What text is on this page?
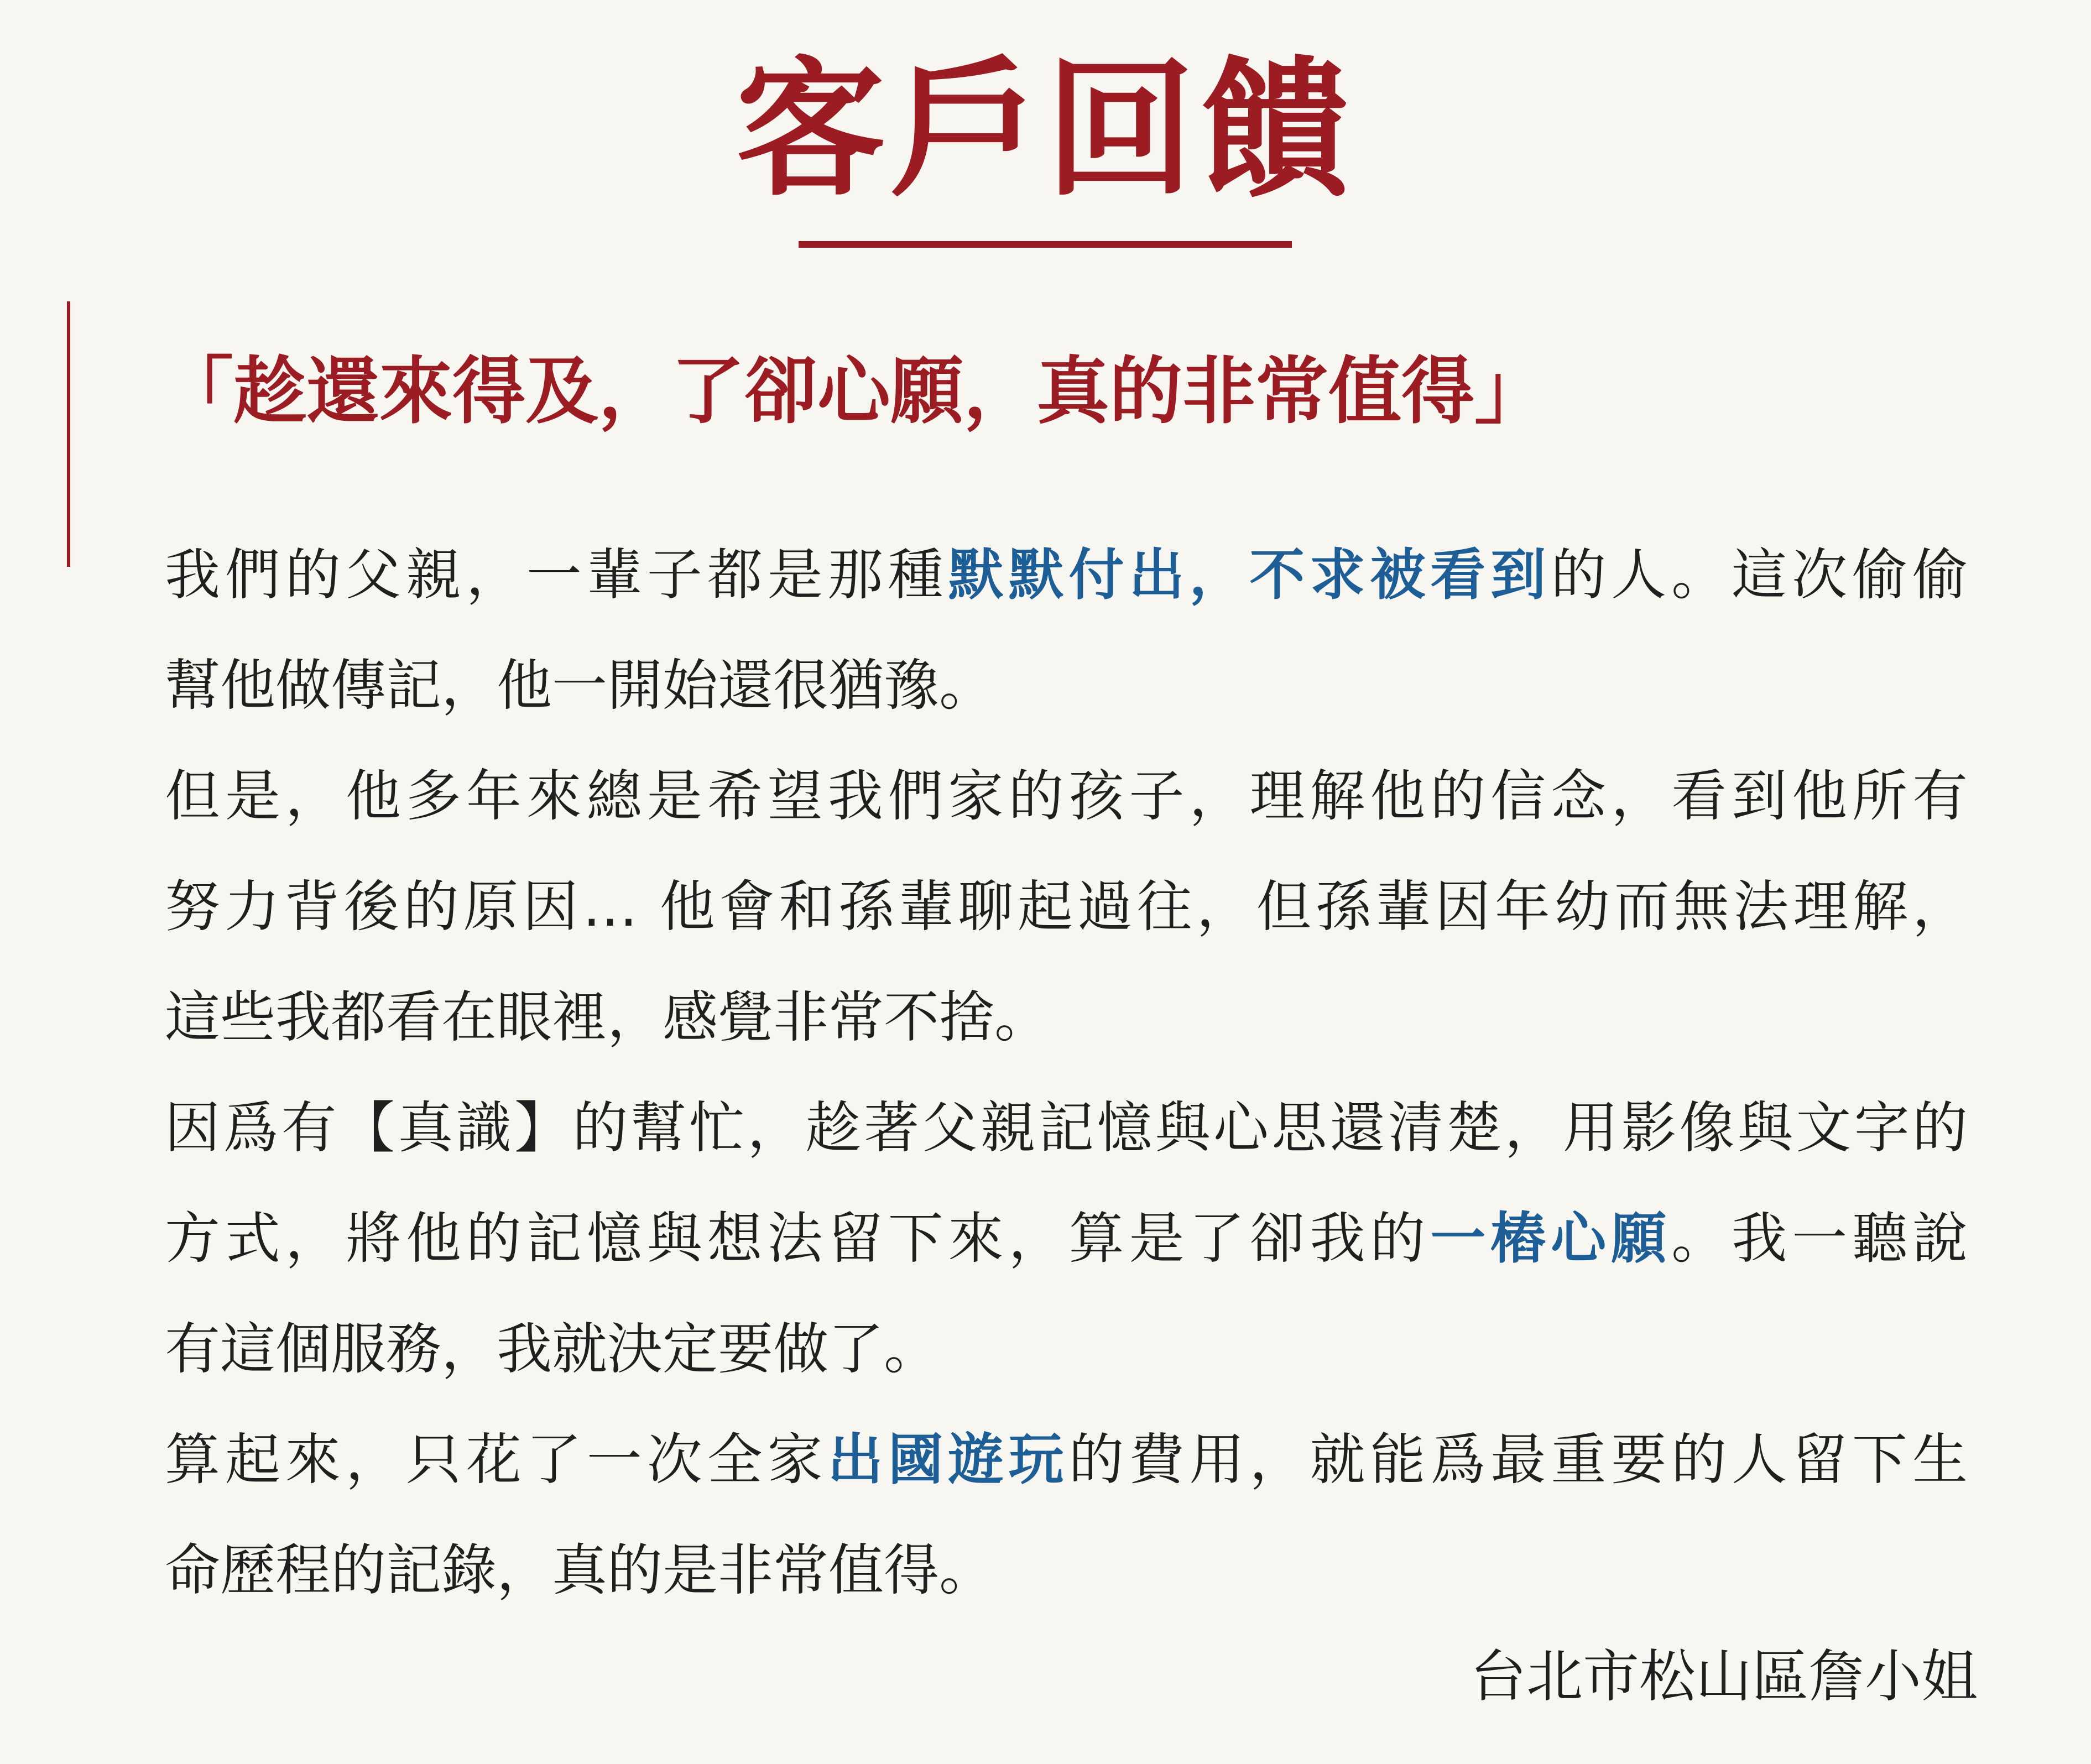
客戶回饋
「趁還來得及，了卻心願，真的非常值得」
我們的父親，一輩子都是那種默默付出，不求被看到的人。這次偷偷
幫他做傳記，他一開始還很猶豫。
但是，他多年來總是希望我們家的孩子，理解他的信念，看到他所有
努力背後的原因… 他會和孫輩聊起過往，但孫輩因年幼而無法理解，
這些我都看在眼裡，感覺非常不捨。
因爲有【真識】的幫忙，趁著父親記憶與心思還清楚，用影像與文字的
方式，將他的記憶與想法留下來，算是了卻我的一樁心願。我一聽說
有這個服務，我就決定要做了。
算起來，只花了一次全家出國遊玩的費用，就能爲最重要的人留下生
命歷程的記錄，真的是非常值得。
台北市松山區詹小姐
